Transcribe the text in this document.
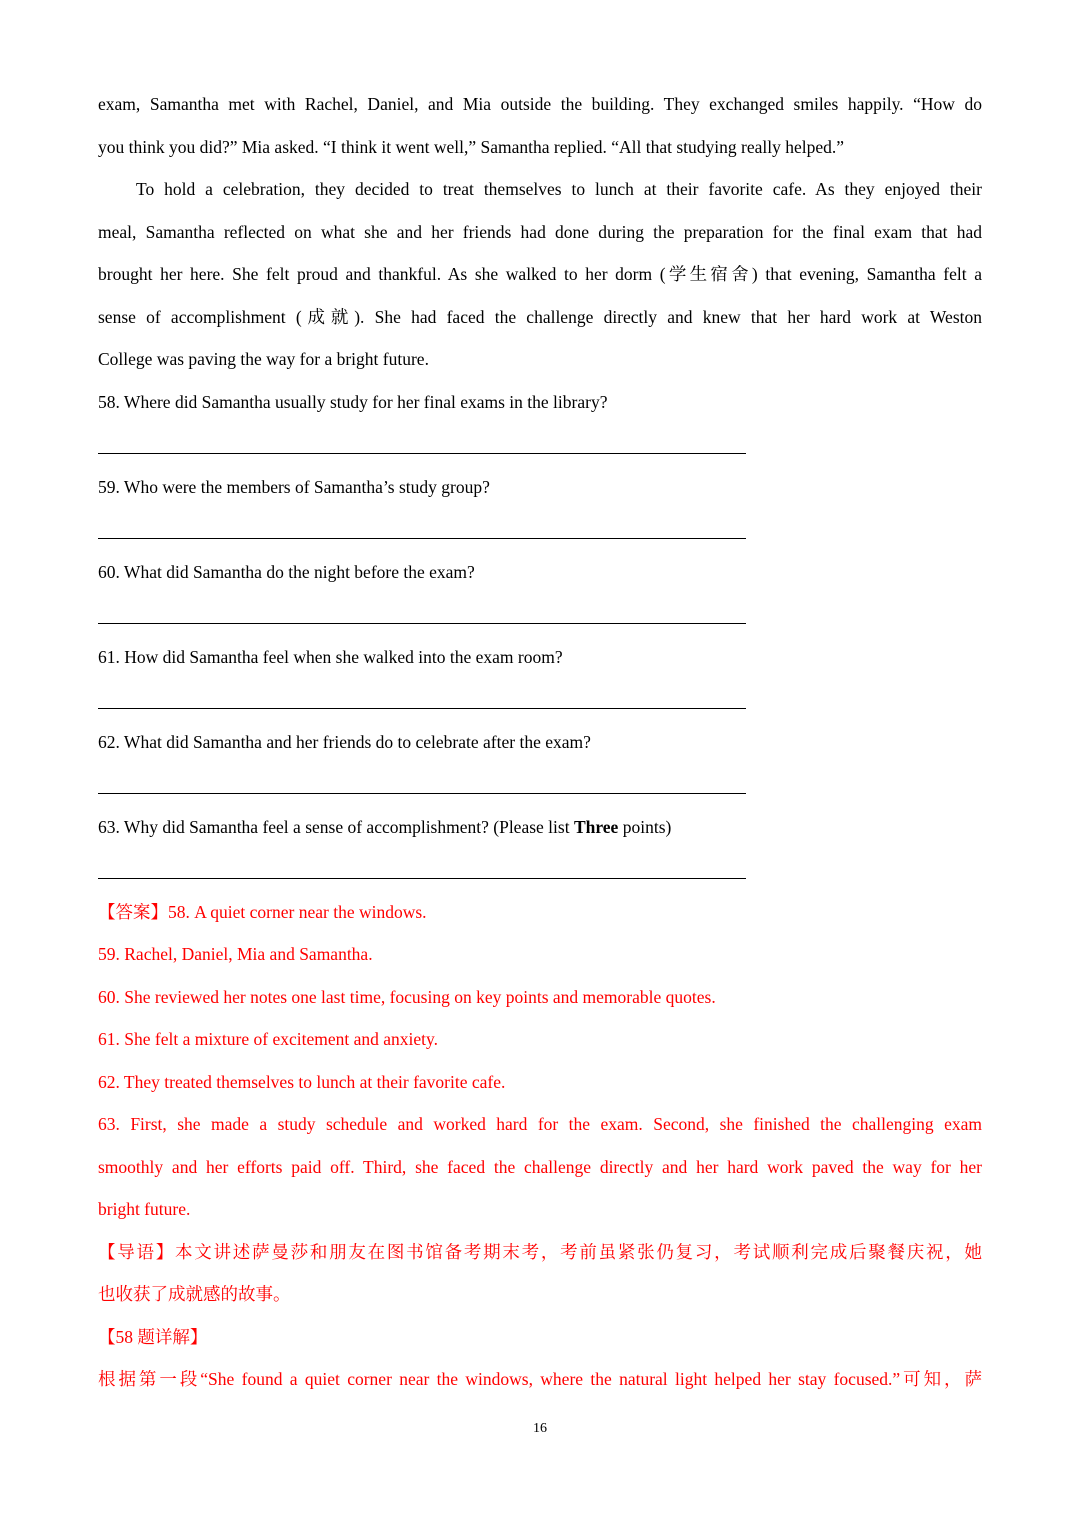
exam, Samantha met with Rachel, Daniel, and Mia outside the building. They exchanged smiles happily. “How do
you think you did?” Mia asked. “I think it went well,” Samantha replied. “All that studying really helped.”
To hold a celebration, they decided to treat themselves to lunch at their favorite cafe. As they enjoyed their
meal, Samantha reflected on what she and her friends had done during the preparation for the final exam that had
brought her here. She felt proud and thankful. As she walked to her dorm (学生宿舍) that evening, Samantha felt a
sense of accomplishment (成就). She had faced the challenge directly and knew that her hard work at Weston
College was paving the way for a bright future.
58. Where did Samantha usually study for her final exams in the library?
59. Who were the members of Samantha’s study group?
60. What did Samantha do the night before the exam?
61. How did Samantha feel when she walked into the exam room?
62. What did Samantha and her friends do to celebrate after the exam?
63. Why did Samantha feel a sense of accomplishment? (Please list Three points)
【答案】58. A quiet corner near the windows.
59. Rachel, Daniel, Mia and Samantha.
60. She reviewed her notes one last time, focusing on key points and memorable quotes.
61. She felt a mixture of excitement and anxiety.
62. They treated themselves to lunch at their favorite cafe.
63. First, she made a study schedule and worked hard for the exam. Second, she finished the challenging exam
smoothly and her efforts paid off. Third, she faced the challenge directly and her hard work paved the way for her
bright future.
【导语】本文讲述萨曼莎和朋友在图书馆备考期末考，考前虽紧张仍复习，考试顺利完成后聚餐庆祝，她
也收获了成就感的故事。
【58 题详解】
根据第一段“She found a quiet corner near the windows, where the natural light helped her stay focused.”可知，萨
16
